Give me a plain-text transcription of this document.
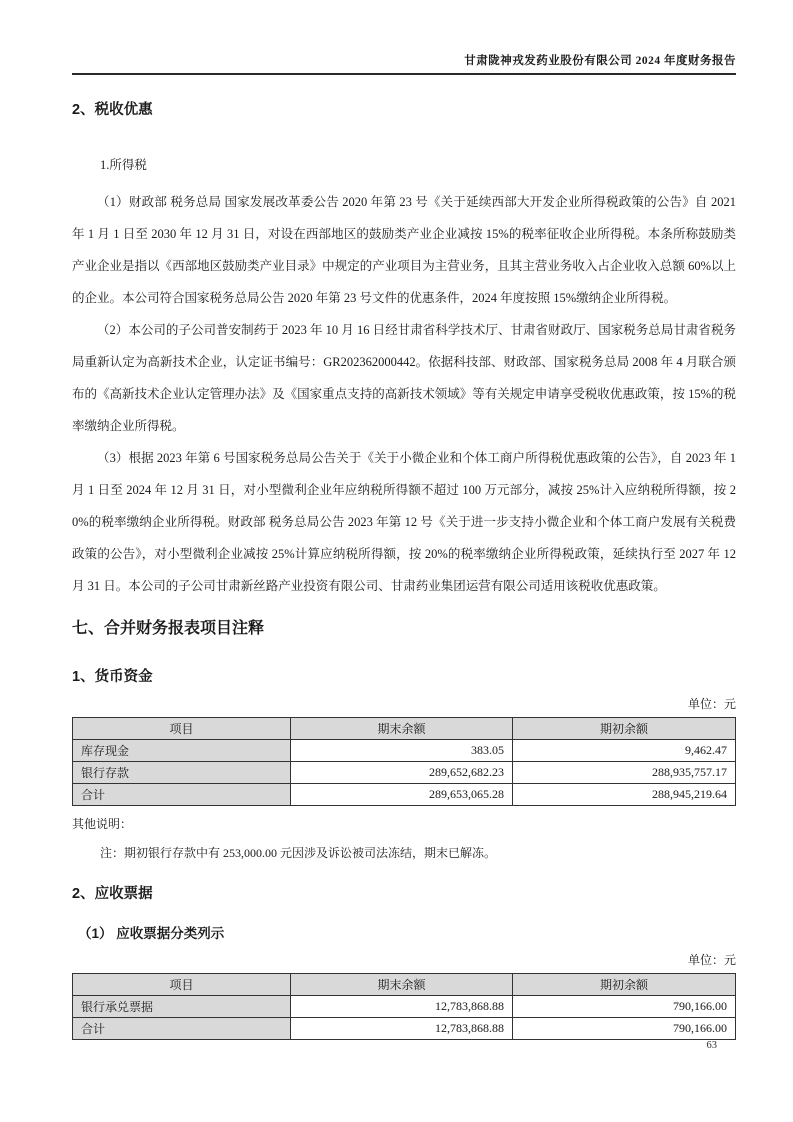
甘肃陇神戎发药业股份有限公司 2024 年度财务报告
2、税收优惠
1.所得税

（1）财政部 税务总局 国家发展改革委公告 2020 年第 23 号《关于延续西部大开发企业所得税政策的公告》自 2021 年 1 月 1 日至 2030 年 12 月 31 日，对设在西部地区的鼓励类产业企业减按 15%的税率征收企业所得税。本条所称鼓励类产业企业是指以《西部地区鼓励类产业目录》中规定的产业项目为主营业务，且其主营业务收入占企业收入总额 60%以上的企业。本公司符合国家税务总局公告 2020 年第 23 号文件的优惠条件，2024 年度按照 15%缴纳企业所得税。

（2）本公司的子公司普安制药于 2023 年 10 月 16 日经甘肃省科学技术厅、甘肃省财政厅、国家税务总局甘肃省税务局重新认定为高新技术企业，认定证书编号：GR202362000442。依据科技部、财政部、国家税务总局 2008 年 4 月联合颁布的《高新技术企业认定管理办法》及《国家重点支持的高新技术领域》等有关规定申请享受税收优惠政策，按 15%的税率缴纳企业所得税。

（3）根据 2023 年第 6 号国家税务总局公告关于《关于小微企业和个体工商户所得税优惠政策的公告》，自 2023 年 1 月 1 日至 2024 年 12 月 31 日，对小型微利企业年应纳税所得额不超过 100 万元部分，减按 25%计入应纳税所得额，按 20%的税率缴纳企业所得税。财政部 税务总局公告 2023 年第 12 号《关于进一步支持小微企业和个体工商户发展有关税费政策的公告》，对小型微利企业减按 25%计算应纳税所得额，按 20%的税率缴纳企业所得税政策，延续执行至 2027 年 12 月 31 日。本公司的子公司甘肃新丝路产业投资有限公司、甘肃药业集团运营有限公司适用该税收优惠政策。

七、合并财务报表项目注释
1、货币资金
单位：元
项目	期末余额	期初余额
库存现金	383.05	9,462.47
银行存款	289,652,682.23	288,935,757.17
合计	289,653,065.28	288,945,219.64
其他说明：
注：期初银行存款中有 253,000.00 元因涉及诉讼被司法冻结，期末已解冻。
2、应收票据
（1） 应收票据分类列示
单位：元
项目	期末余额	期初余额
银行承兑票据	12,783,868.88	790,166.00
合计	12,783,868.88	790,166.00
63
